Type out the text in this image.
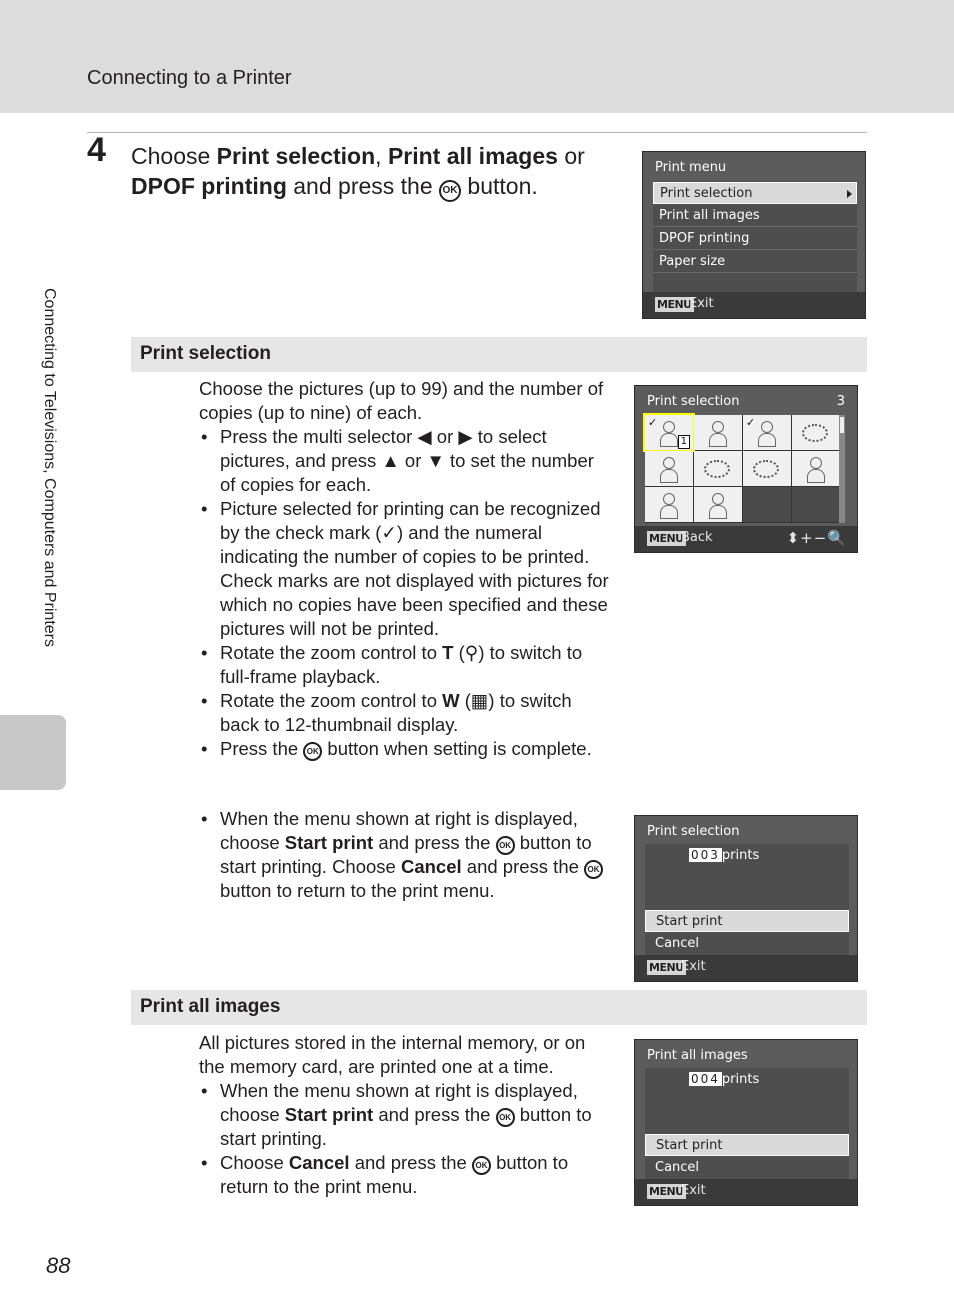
Connecting to a Printer
Connecting to Televisions, Computers and Printers
4 Choose Print selection, Print all images or DPOF printing and press the OK button.
Print menu
Print selection
Print all images
DPOF printing
Paper size
MENU
Exit
Print selection

Choose the pictures (up to 99) and the number of copies (up to nine) of each.

• Press the multi selector ◀ or ▶ to select pictures, and press ▲ or ▼ to set the number of copies for each.
• Picture selected for printing can be recognized by the check mark (✓) and the numeral indicating the number of copies to be printed. Check marks are not displayed with pictures for which no copies have been specified and these pictures will not be printed.
• Rotate the zoom control to T (⚲) to switch to full-frame playback.
• Rotate the zoom control to W (▦) to switch back to 12-thumbnail display.
• Press the OK button when setting is complete.
• When the menu shown at right is displayed, choose Start print and press the OK button to start printing. Choose Cancel and press the OK button to return to the print menu.
Print selection	3
✓
1
✓
MENU
Back	⬍+−🔍
Print selection
003 prints
Start print
Cancel
MENU
Exit
Print all images

All pictures stored in the internal memory, or on the memory card, are printed one at a time.

• When the menu shown at right is displayed, choose Start print and press the OK button to start printing.
• Choose Cancel and press the OK button to return to the print menu.
Print all images
004 prints
Start print
Cancel
MENU
Exit
88
